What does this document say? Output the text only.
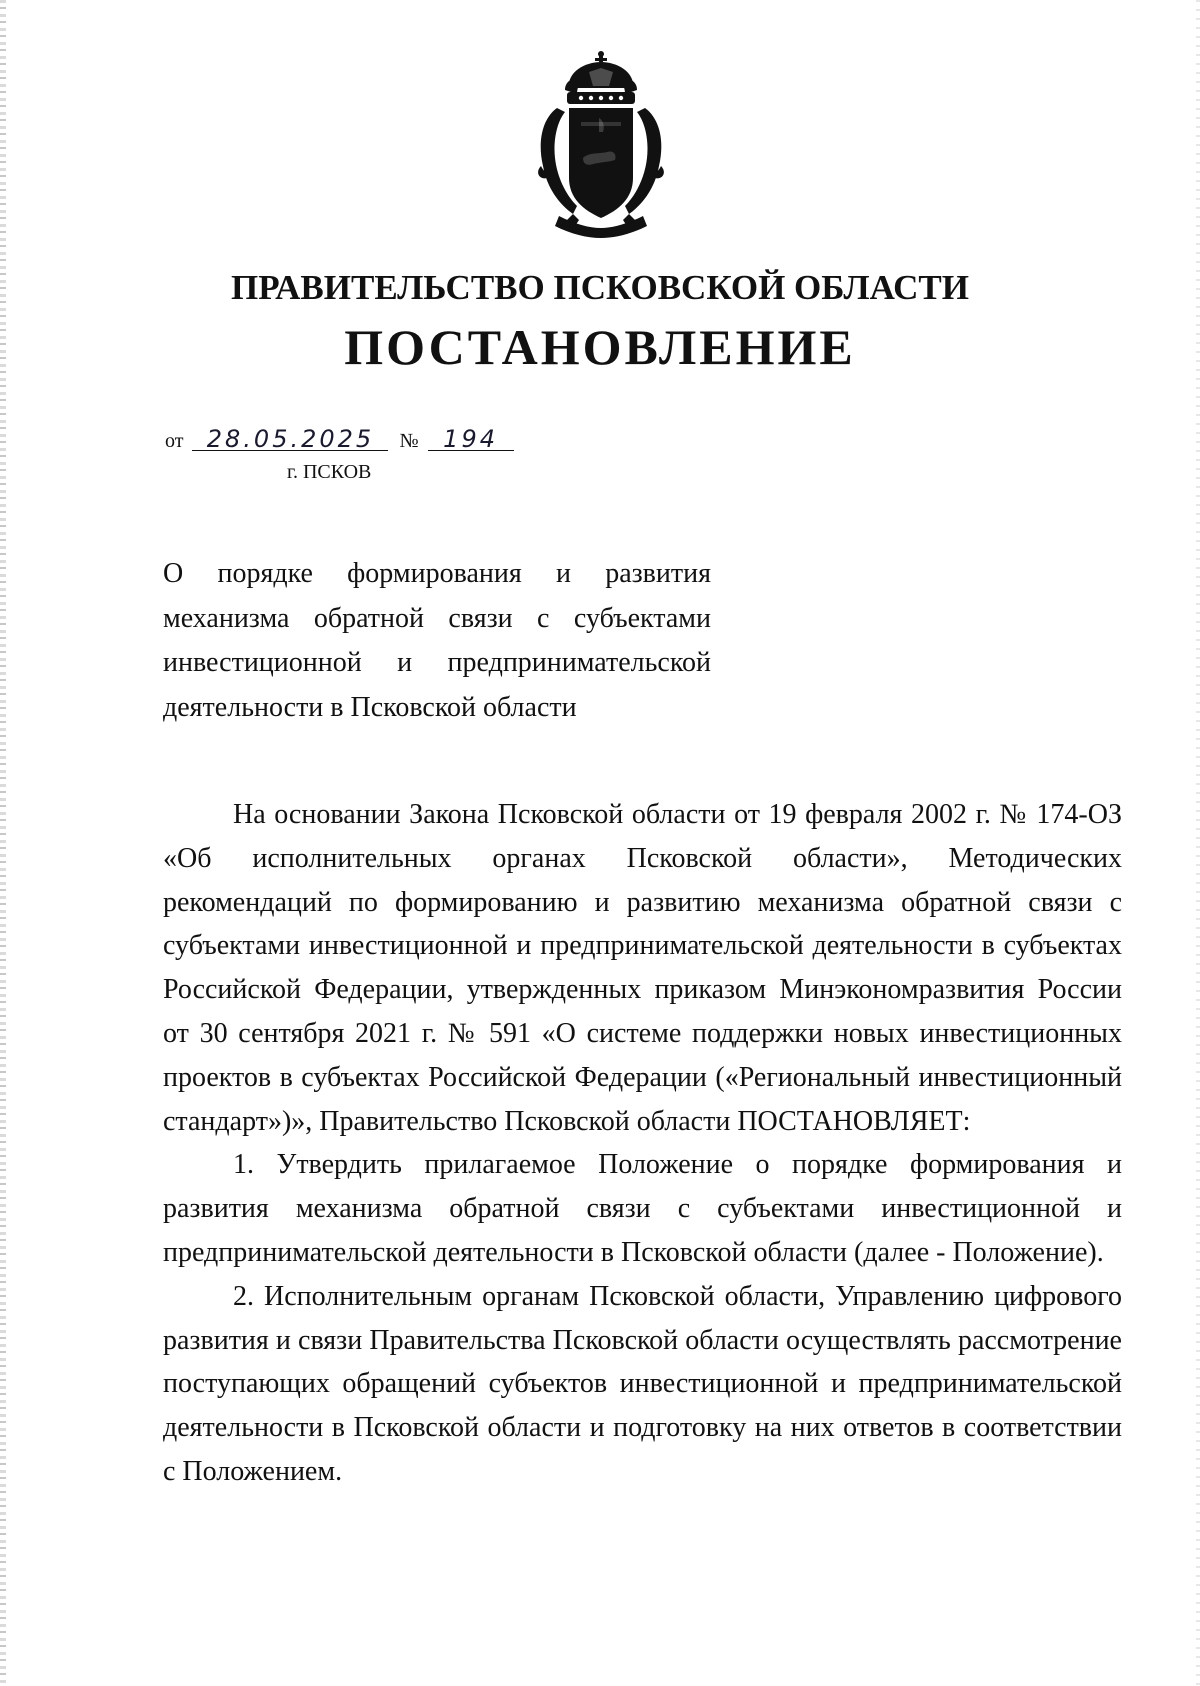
ПРАВИТЕЛЬСТВО ПСКОВСКОЙ ОБЛАСТИ
ПОСТАНОВЛЕНИЕ
от 28.05.2025 № 194
г. ПСКОВ
О порядке формирования и развития
механизма обратной связи с субъектами
инвестиционной и предпринимательской
деятельности в Псковской области

На основании Закона Псковской области от 19 февраля 2002 г. № 174-ОЗ «Об исполнительных органах Псковской области», Методических рекомендаций по формированию и развитию механизма обратной связи с субъектами инвестиционной и предпринимательской деятельности в субъектах Российской Федерации, утвержденных приказом Минэкономразвития России от 30 сентября 2021 г. № 591 «О системе поддержки новых инвестиционных проектов в субъектах Российской Федерации («Региональный инвестиционный стандарт»)», Правительство Псковской области ПОСТАНОВЛЯЕТ:

1. Утвердить прилагаемое Положение о порядке формирования и развития механизма обратной связи с субъектами инвестиционной и предпринимательской деятельности в Псковской области (далее - Положение).

2. Исполнительным органам Псковской области, Управлению цифрового развития и связи Правительства Псковской области осуществлять рассмотрение поступающих обращений субъектов инвестиционной и предпринимательской деятельности в Псковской области и подготовку на них ответов в соответствии с Положением.
